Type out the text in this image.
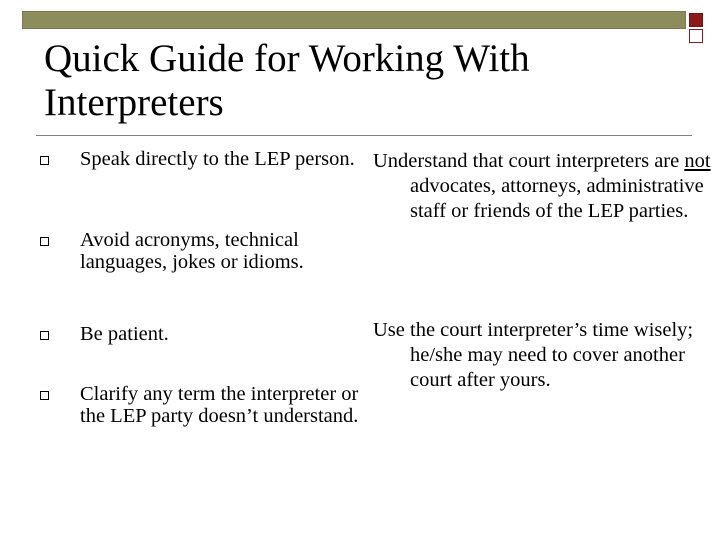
Quick Guide for Working With
Interpreters
Speak directly to the LEP person.
Avoid acronyms, technical languages, jokes or idioms.
Be patient.
Clarify any term the interpreter or the LEP party doesn’t understand.
Understand that court interpreters are not advocates, attorneys, administrative staff or friends of the LEP parties.
Use the court interpreter’s time wisely; he/she may need to cover another court after yours.
